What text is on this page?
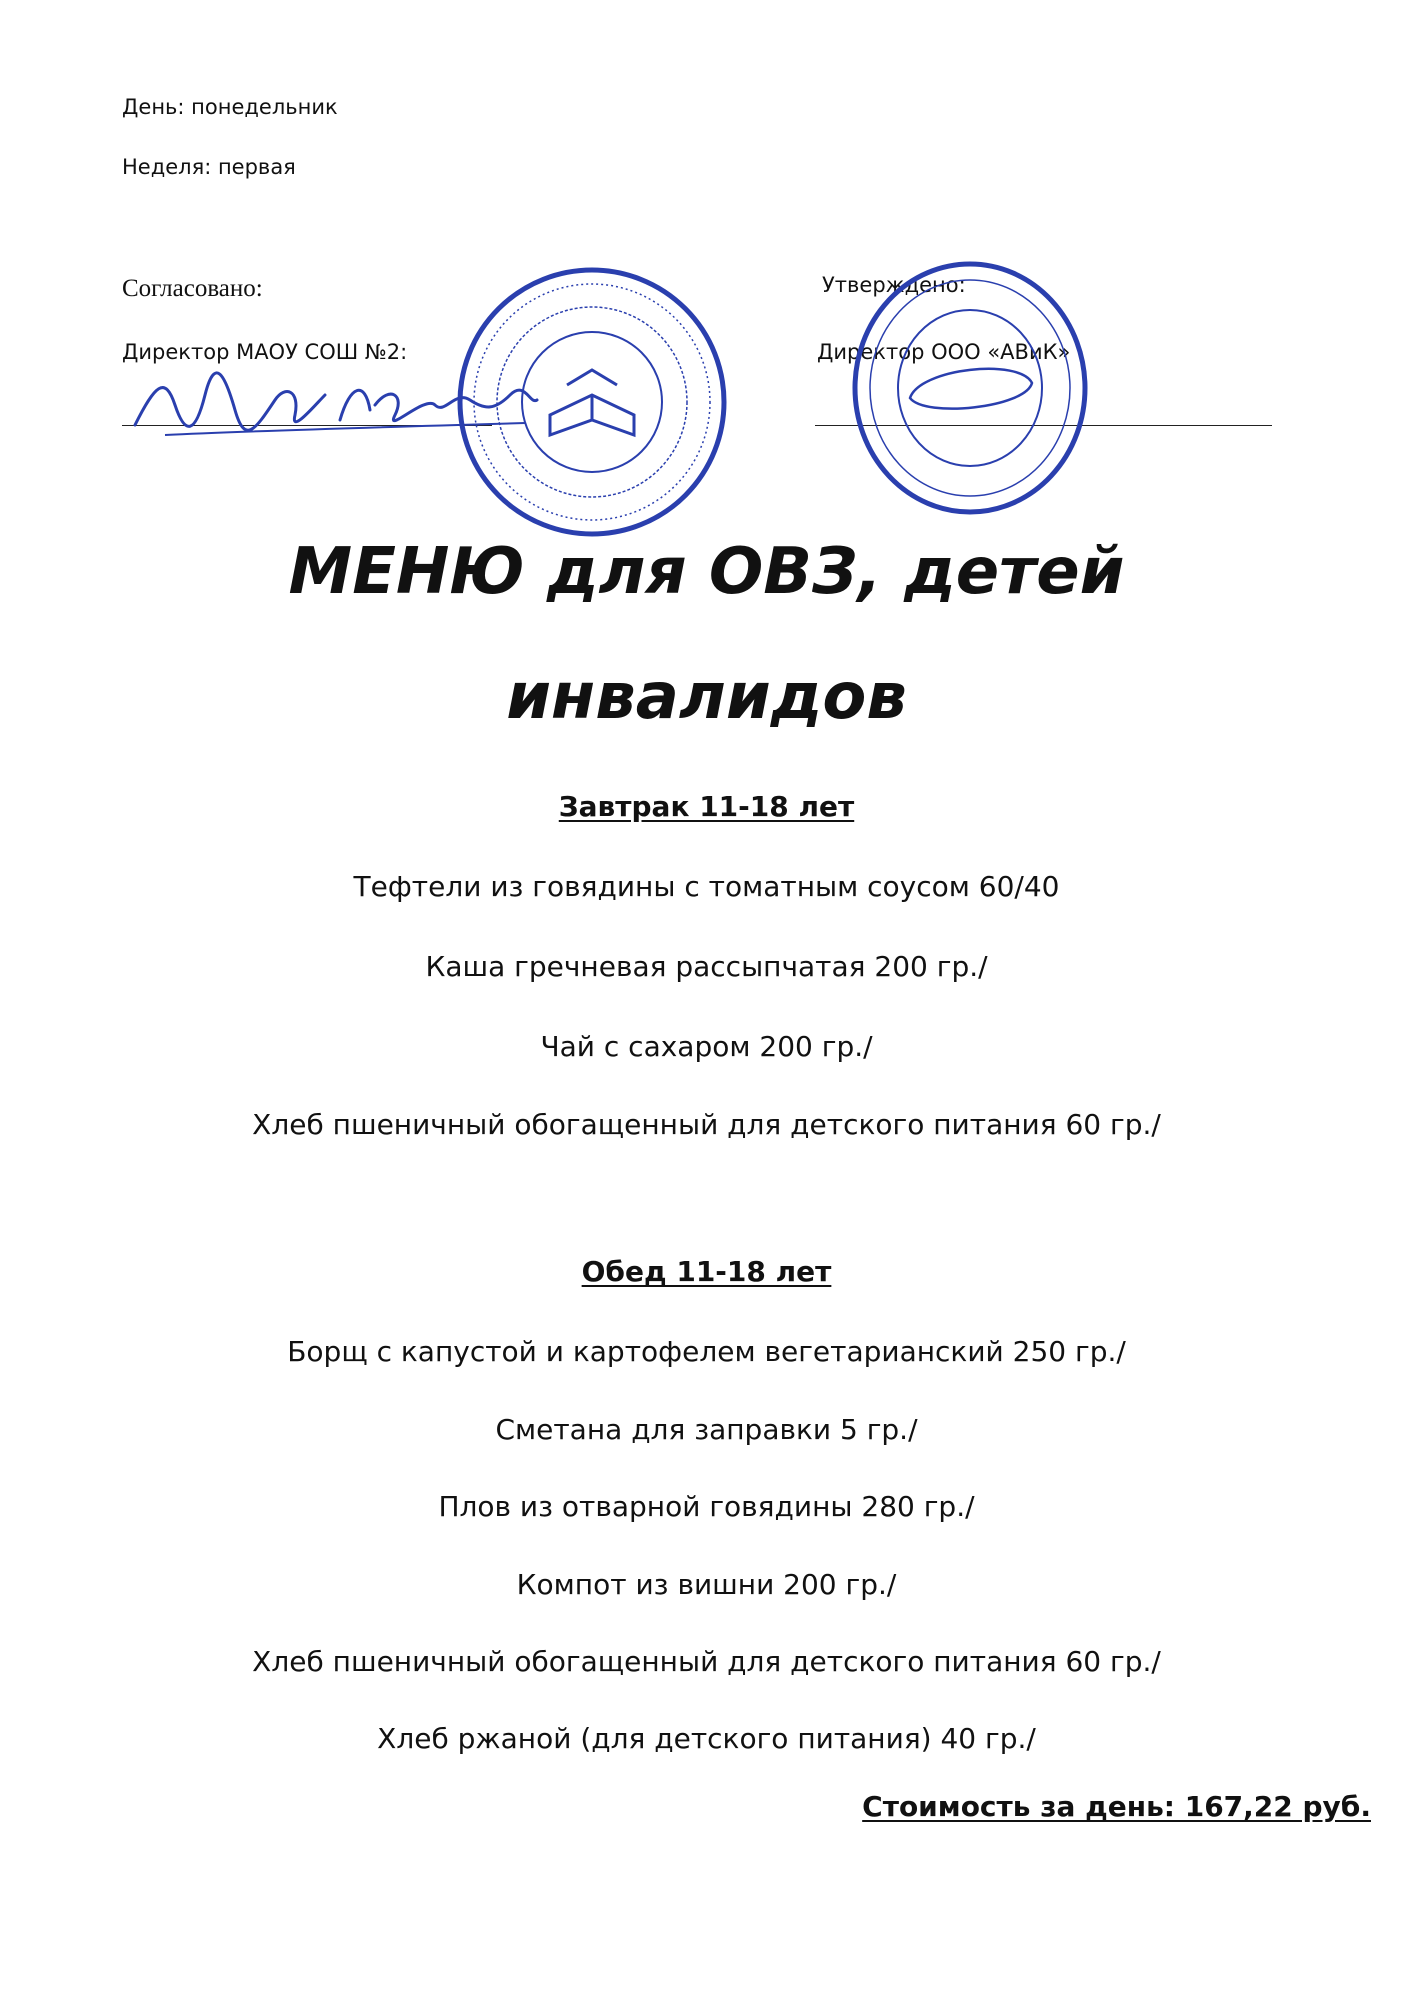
День: понедельник
Неделя: первая
Согласовано:
Директор МАОУ СОШ №2:
Утверждено:
Директор ООО «АВиК»
МЕНЮ для ОВЗ, детей
инвалидов
Завтрак 11-18 лет
Тефтели из говядины с томатным соусом 60/40
Каша гречневая рассыпчатая 200 гр./
Чай с сахаром 200 гр./
Хлеб пшеничный обогащенный для детского питания 60 гр./
Обед 11-18 лет
Борщ с капустой и картофелем вегетарианский 250 гр./
Сметана для заправки 5 гр./
Плов из отварной говядины 280 гр./
Компот из вишни 200 гр./
Хлеб пшеничный обогащенный для детского питания 60 гр./
Хлеб ржаной (для детского питания) 40 гр./
Стоимость за день: 167,22 руб.
